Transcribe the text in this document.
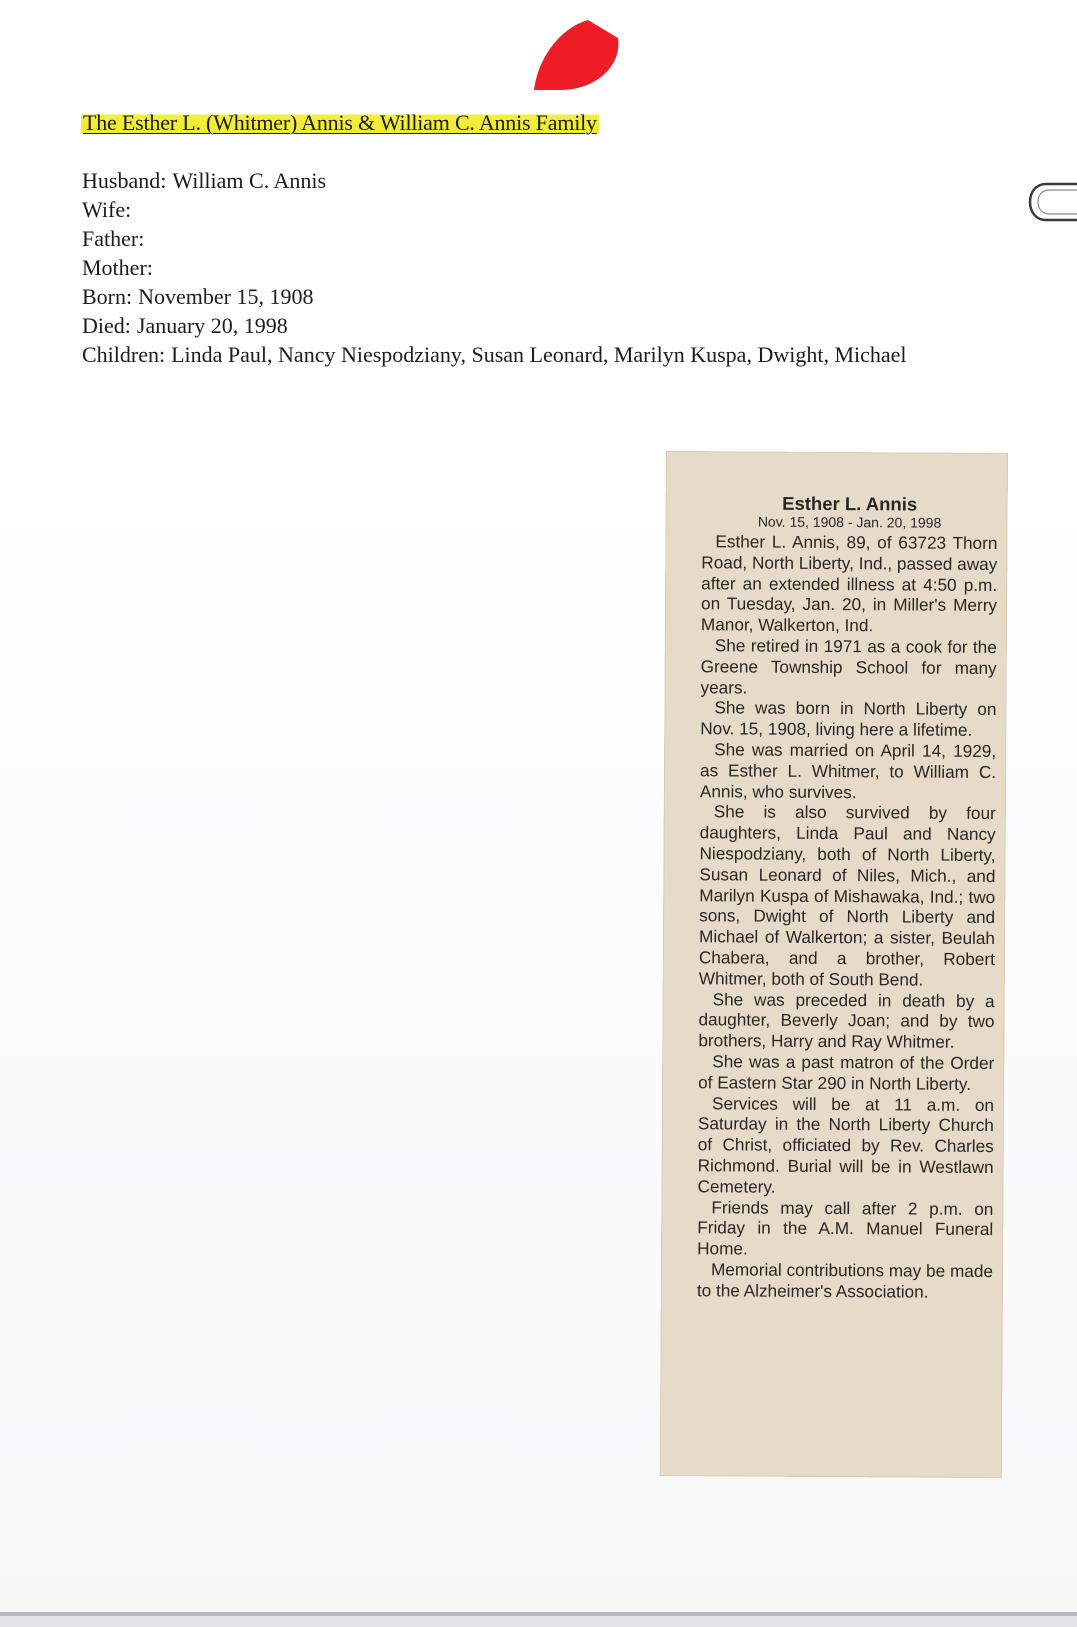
The Esther L. (Whitmer) Annis & William C. Annis Family
Husband: William C. Annis
Wife:
Father:
Mother:
Born: November 15, 1908
Died: January 20, 1998
Children: Linda Paul, Nancy Niespodziany, Susan Leonard, Marilyn Kuspa, Dwight, Michael
Esther L. Annis
Nov. 15, 1908 - Jan. 20, 1998

Esther L. Annis, 89, of 63723 Thorn Road, North Liberty, Ind., passed away after an extended illness at 4:50 p.m. on Tuesday, Jan. 20, in Miller's Merry Manor, Walkerton, Ind.

She retired in 1971 as a cook for the Greene Township School for many years.

She was born in North Liberty on Nov. 15, 1908, living here a lifetime.

She was married on April 14, 1929, as Esther L. Whitmer, to William C. Annis, who survives.

She is also survived by four daughters, Linda Paul and Nancy Niespodziany, both of North Liberty, Susan Leonard of Niles, Mich., and Marilyn Kuspa of Mishawaka, Ind.; two sons, Dwight of North Liberty and Michael of Walkerton; a sister, Beulah Chabera, and a brother, Robert Whitmer, both of South Bend.

She was preceded in death by a daughter, Beverly Joan; and by two brothers, Harry and Ray Whitmer.

She was a past matron of the Order of Eastern Star 290 in North Liberty.

Services will be at 11 a.m. on Saturday in the North Liberty Church of Christ, officiated by Rev. Charles Richmond. Burial will be in Westlawn Cemetery.

Friends may call after 2 p.m. on Friday in the A.M. Manuel Funeral Home.

Memorial contributions may be made to the Alzheimer's Association.
